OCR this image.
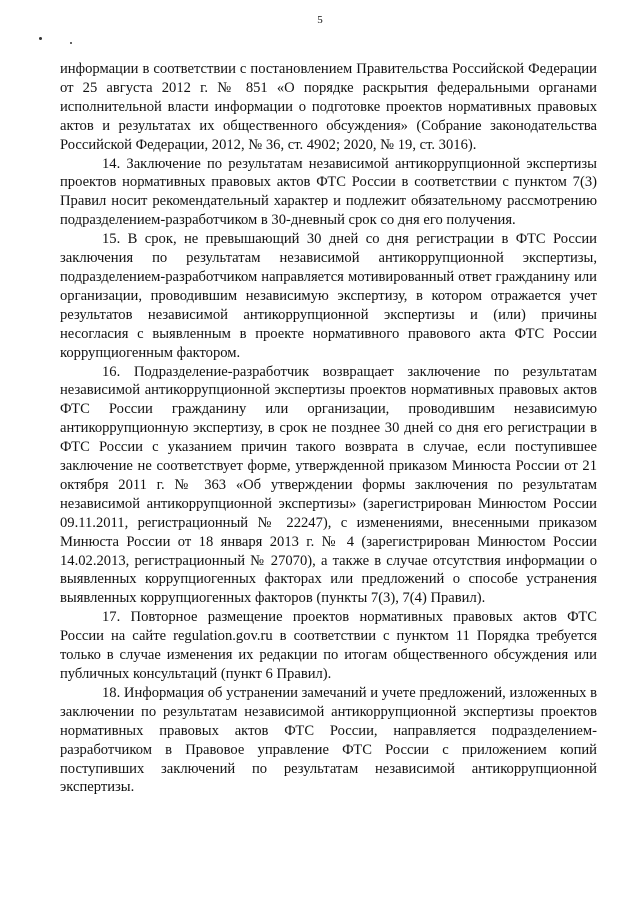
5

информации в соответствии с постановлением Правительства Российской Федерации от 25 августа 2012 г. № 851 «О порядке раскрытия федеральными органами исполнительной власти информации о подготовке проектов нормативных правовых актов и результатах их общественного обсуждения» (Собрание законодательства Российской Федерации, 2012, № 36, ст. 4902; 2020, № 19, ст. 3016).

14. Заключение по результатам независимой антикоррупционной экспертизы проектов нормативных правовых актов ФТС России в соответствии с пунктом 7(3) Правил носит рекомендательный характер и подлежит обязательному рассмотрению подразделением-разработчиком в 30-дневный срок со дня его получения.

15. В срок, не превышающий 30 дней со дня регистрации в ФТС России заключения по результатам независимой антикоррупционной экспертизы, подразделением-разработчиком направляется мотивированный ответ гражданину или организации, проводившим независимую экспертизу, в котором отражается учет результатов независимой антикоррупционной экспертизы и (или) причины несогласия с выявленным в проекте нормативного правового акта ФТС России коррупциогенным фактором.

16. Подразделение-разработчик возвращает заключение по результатам независимой антикоррупционной экспертизы проектов нормативных правовых актов ФТС России гражданину или организации, проводившим независимую антикоррупционную экспертизу, в срок не позднее 30 дней со дня его регистрации в ФТС России с указанием причин такого возврата в случае, если поступившее заключение не соответствует форме, утвержденной приказом Минюста России от 21 октября 2011 г. № 363 «Об утверждении формы заключения по результатам независимой антикоррупционной экспертизы» (зарегистрирован Минюстом России 09.11.2011, регистрационный № 22247), с изменениями, внесенными приказом Минюста России от 18 января 2013 г. № 4 (зарегистрирован Минюстом России 14.02.2013, регистрационный № 27070), а также в случае отсутствия информации о выявленных коррупциогенных факторах или предложений о способе устранения выявленных коррупциогенных факторов (пункты 7(3), 7(4) Правил).

17. Повторное размещение проектов нормативных правовых актов ФТС России на сайте regulation.gov.ru в соответствии с пунктом 11 Порядка требуется только в случае изменения их редакции по итогам общественного обсуждения или публичных консультаций (пункт 6 Правил).

18. Информация об устранении замечаний и учете предложений, изложенных в заключении по результатам независимой антикоррупционной экспертизы проектов нормативных правовых актов ФТС России, направляется подразделением-разработчиком в Правовое управление ФТС России с приложением копий поступивших заключений по результатам независимой антикоррупционной экспертизы.
